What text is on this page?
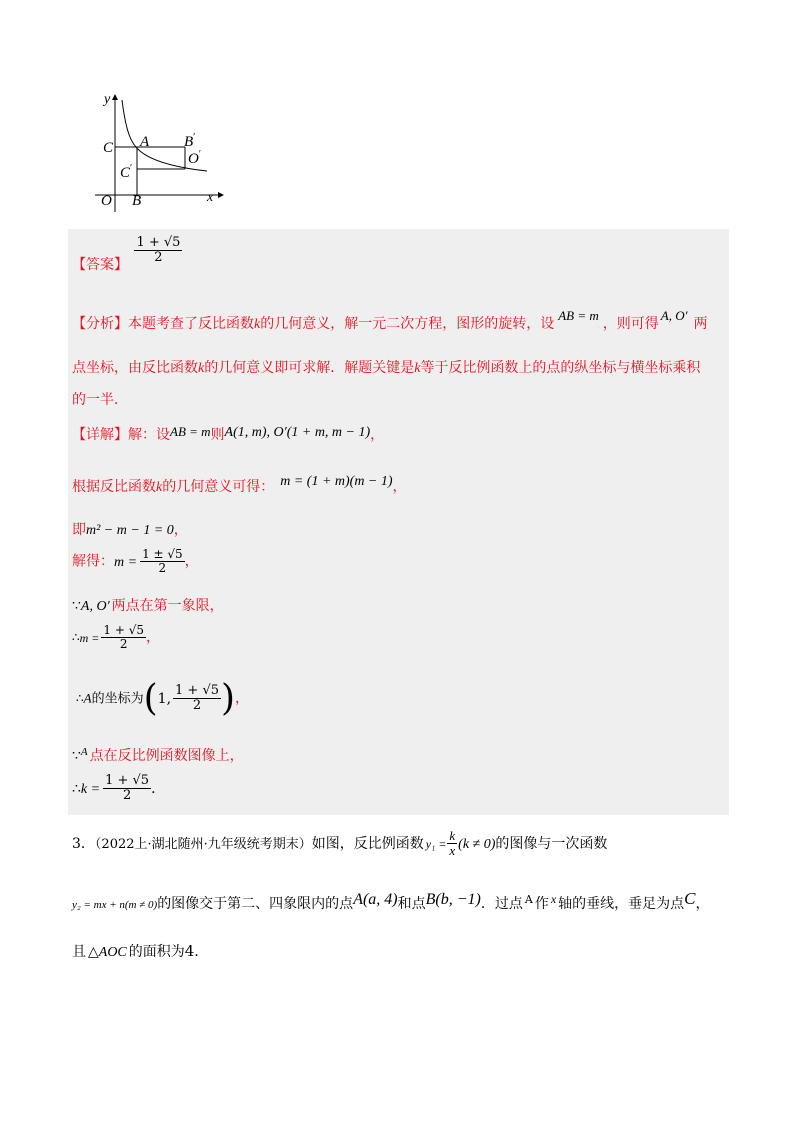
y
x
O
C A B′
O′
C′
B
【答案】 $\frac{1 + √5}{2}$
【分析】本题考查了反比函数k的几何意义，解一元二次方程，图形的旋转，设AB = m，则可得A, O′两
点坐标，由反比函数k的几何意义即可求解．解题关键是k等于反比例函数上的点的纵坐标与横坐标乘积
的一半．
【详解】解：设AB = m则A(1, m), O′(1 + m, m − 1)，
根据反比函数k的几何意义可得： m = (1 + m)(m − 1)，
即m² − m − 1 = 0，
解得：$m = \frac{1 \pm √5}{2}$ ，
∵A, O′ 两点在第一象限，
∴m = $\frac{1 + √5}{2}$ ，
∴A的坐标为(1, $\frac{1 + √5}{2}$ )，
∵$^A$ 点在反比例函数图像上，
∴k = $\frac{1 + √5}{2}$ ．
3．（2022上·湖北随州·九年级统考期末）如图，反比例函数 $y_1 = \frac{k}{x} (k \ne 0)$的图像与一次函数
y₂ = mx + n(m ≠ 0)的图像交于第二、四象限内的点A(a, 4)和点B(b, −1)．过点 $^A$ 作 x 轴的垂线，垂足为点C，
且 △AOC 的面积为4．
